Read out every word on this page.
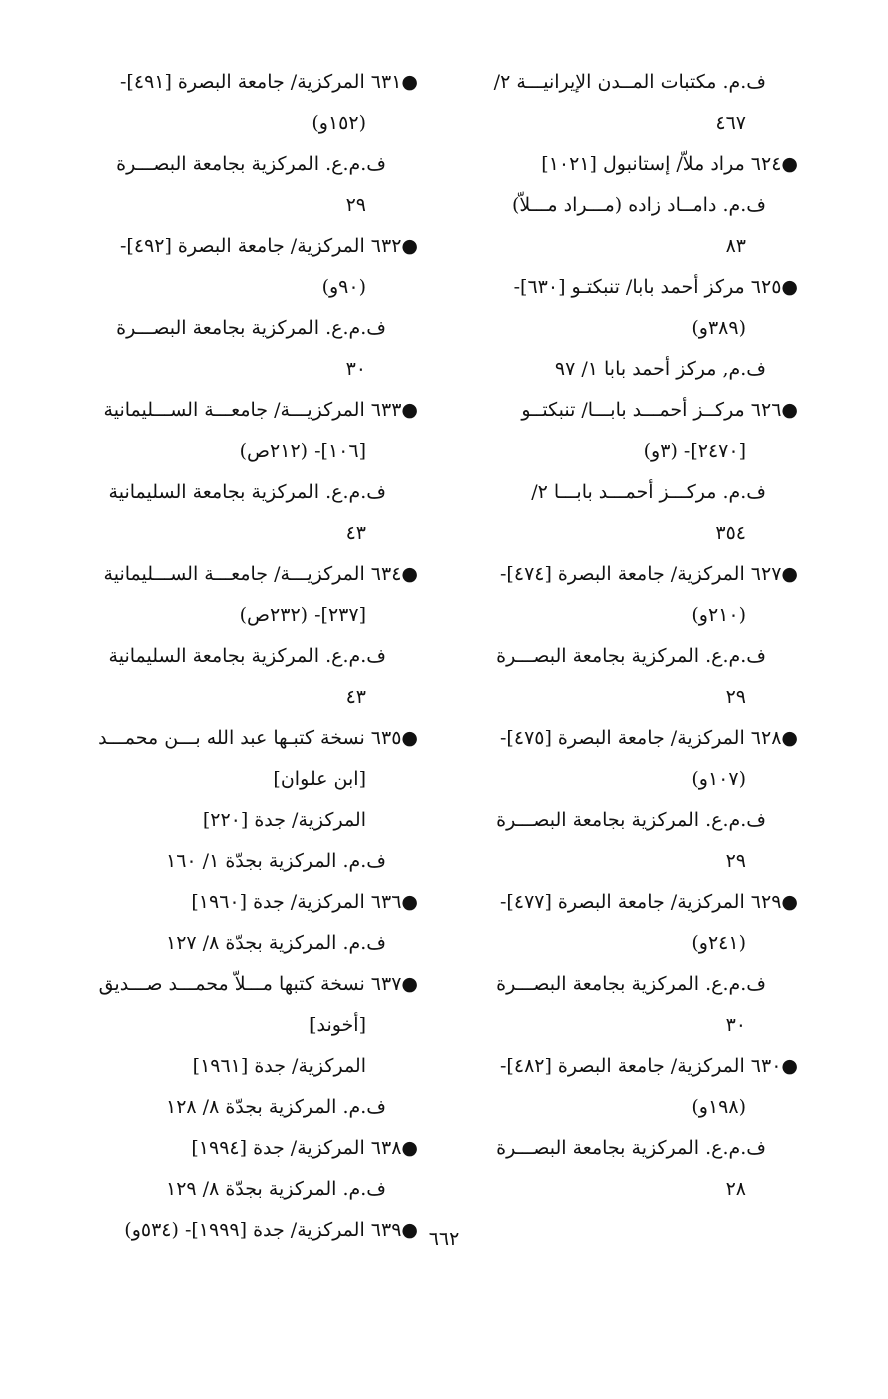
ف.م. مكتبات المــدن الإيرانيـــة ٢/
٤٦٧
●٦٢٤ مراد ملاّ/ إستانبول [١٠٢١]
ف.م. دامــاد زاده (مـــراد مـــلاّ)
٨٣
●٦٢٥ مركز أحمد بابا/ تنبكتـو [٦٣٠]-
(٣٨٩و)
ف.م, مركز أحمد بابا ١/ ٩٧
●٦٢٦ مركــز أحمـــد بابـــا/ تنبكتــو
[٢٤٧٠]- (٣و)
ف.م. مركـــز أحمـــد بابـــا ٢/
٣٥٤
●٦٢٧ المركزية/ جامعة البصرة [٤٧٤]-
(٢١٠و)
ف.م.ع. المركزية بجامعة البصـــرة
٢٩
●٦٢٨ المركزية/ جامعة البصرة [٤٧٥]-
(١٠٧و)
ف.م.ع. المركزية بجامعة البصـــرة
٢٩
●٦٢٩ المركزية/ جامعة البصرة [٤٧٧]-
(٢٤١و)
ف.م.ع. المركزية بجامعة البصـــرة
٣٠
●٦٣٠ المركزية/ جامعة البصرة [٤٨٢]-
(١٩٨و)
ف.م.ع. المركزية بجامعة البصـــرة
٢٨
●٦٣١ المركزية/ جامعة البصرة [٤٩١]-
(١٥٢و)
ف.م.ع. المركزية بجامعة البصـــرة
٢٩
●٦٣٢ المركزية/ جامعة البصرة [٤٩٢]-
(٩٠و)
ف.م.ع. المركزية بجامعة البصـــرة
٣٠
●٦٣٣ المركزيـــة/ جامعـــة الســـليمانية
[١٠٦]- (٢١٢ص)
ف.م.ع. المركزية بجامعة السليمانية
٤٣
●٦٣٤ المركزيـــة/ جامعـــة الســـليمانية
[٢٣٧]- (٢٣٢ص)
ف.م.ع. المركزية بجامعة السليمانية
٤٣
●٦٣٥ نسخة كتبـها عبد الله بـــن محمـــد
[ابن علوان]
المركزية/ جدة [٢٢٠]
ف.م. المركزية بجدّة ١/ ١٦٠
●٦٣٦ المركزية/ جدة [١٩٦٠]
ف.م. المركزية بجدّة ٨/ ١٢٧
●٦٣٧ نسخة كتبها مـــلاّ محمـــد صـــديق
[أخوند]
المركزية/ جدة [١٩٦١]
ف.م. المركزية بجدّة ٨/ ١٢٨
●٦٣٨ المركزية/ جدة [١٩٩٤]
ف.م. المركزية بجدّة ٨/ ١٢٩
●٦٣٩ المركزية/ جدة [١٩٩٩]- (٥٣٤و) ٦٦٢
